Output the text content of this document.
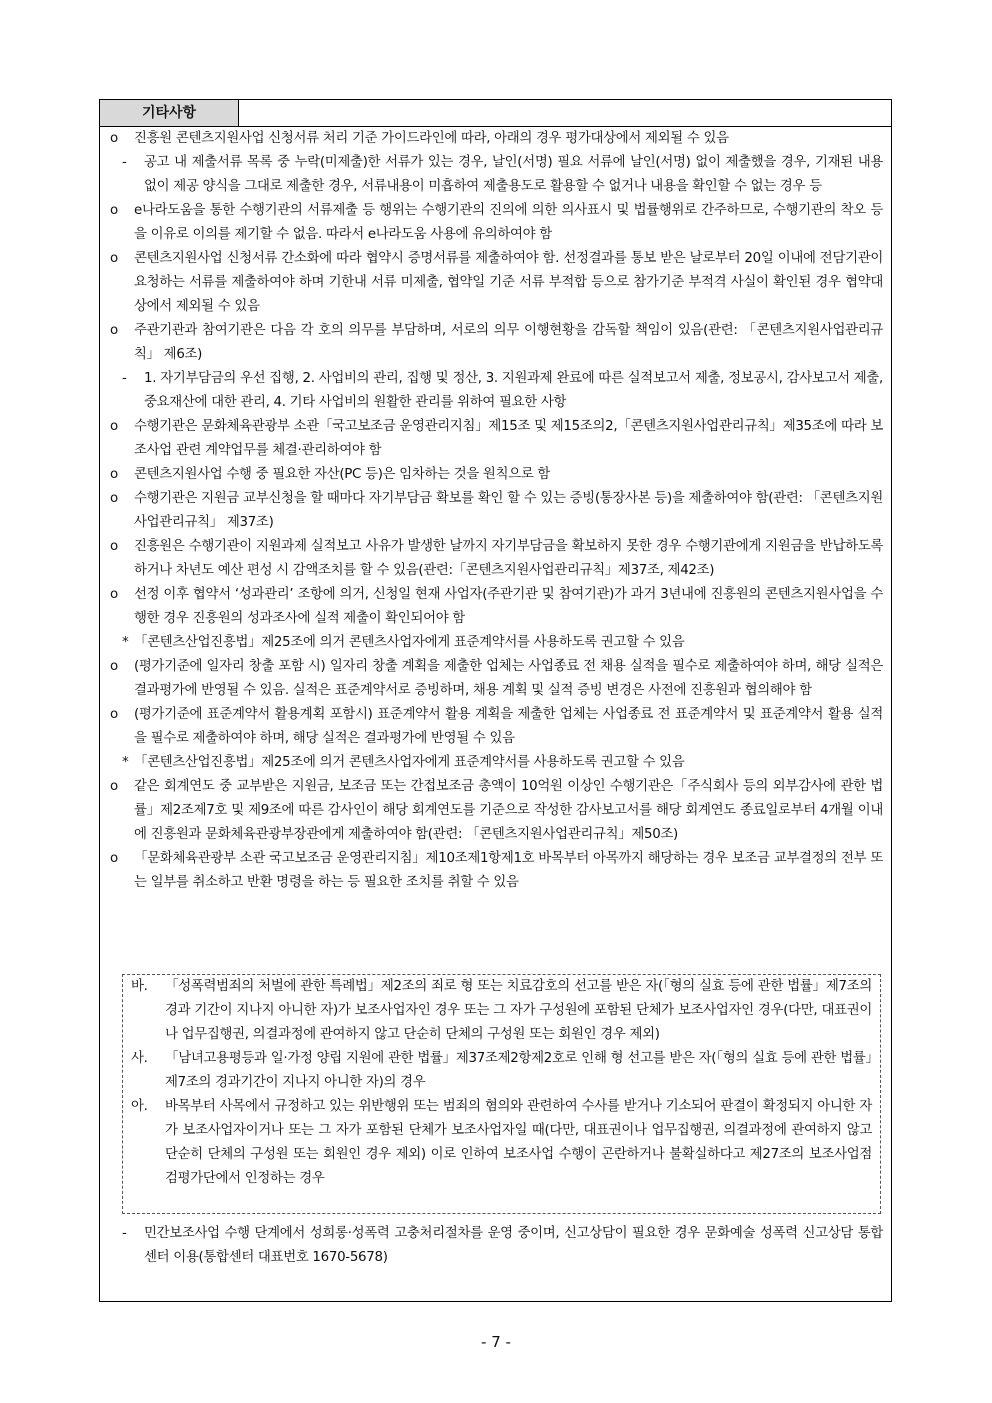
기타사항
o 진흥원 콘텐츠지원사업 신청서류 처리 기준 가이드라인에 따라, 아래의 경우 평가대상에서 제외될 수 있음
- 공고 내 제출서류 목록 중 누락(미제출)한 서류가 있는 경우, 날인(서명) 필요 서류에 날인(서명) 없이 제출했을 경우, 기재된 내용 없이 제공 양식을 그대로 제출한 경우, 서류내용이 미흡하여 제출용도로 활용할 수 없거나 내용을 확인할 수 없는 경우 등
o e나라도움을 통한 수행기관의 서류제출 등 행위는 수행기관의 진의에 의한 의사표시 및 법률행위로 간주하므로, 수행기관의 착오 등을 이유로 이의를 제기할 수 없음. 따라서 e나라도움 사용에 유의하여야 함
o 콘텐츠지원사업 신청서류 간소화에 따라 협약시 증명서류를 제출하여야 함. 선정결과를 통보 받은 날로부터 20일 이내에 전담기관이 요청하는 서류를 제출하여야 하며 기한내 서류 미제출, 협약일 기준 서류 부적합 등으로 참가기준 부적격 사실이 확인된 경우 협약대상에서 제외될 수 있음
o 주관기관과 참여기관은 다음 각 호의 의무를 부담하며, 서로의 의무 이행현황을 감독할 책임이 있음(관련: 「콘텐츠지원사업관리규칙」 제6조)
- 1. 자기부담금의 우선 집행, 2. 사업비의 관리, 집행 및 정산, 3. 지원과제 완료에 따른 실적보고서 제출, 정보공시, 감사보고서 제출, 중요재산에 대한 관리, 4. 기타 사업비의 원활한 관리를 위하여 필요한 사항
o 수행기관은 문화체육관광부 소관「국고보조금 운영관리지침」제15조 및 제15조의2,「콘텐츠지원사업관리규칙」제35조에 따라 보조사업 관련 계약업무를 체결·관리하여야 함
o 콘텐츠지원사업 수행 중 필요한 자산(PC 등)은 임차하는 것을 원칙으로 함
o 수행기관은 지원금 교부신청을 할 때마다 자기부담금 확보를 확인 할 수 있는 증빙(통장사본 등)을 제출하여야 함(관련: 「콘텐츠지원사업관리규칙」 제37조)
o 진흥원은 수행기관이 지원과제 실적보고 사유가 발생한 날까지 자기부담금을 확보하지 못한 경우 수행기관에게 지원금을 반납하도록 하거나 차년도 예산 편성 시 감액조치를 할 수 있음(관련:「콘텐츠지원사업관리규칙」제37조, 제42조)
o 선정 이후 협약서 ‘성과관리’ 조항에 의거, 신청일 현재 사업자(주관기관 및 참여기관)가 과거 3년내에 진흥원의 콘텐츠지원사업을 수행한 경우 진흥원의 성과조사에 실적 제출이 확인되어야 함
* 「콘텐츠산업진흥법」제25조에 의거 콘텐츠사업자에게 표준계약서를 사용하도록 권고할 수 있음
o (평가기준에 일자리 창출 포함 시) 일자리 창출 계획을 제출한 업체는 사업종료 전 채용 실적을 필수로 제출하여야 하며, 해당 실적은 결과평가에 반영될 수 있음. 실적은 표준계약서로 증빙하며, 채용 계획 및 실적 증빙 변경은 사전에 진흥원과 협의해야 함
o (평가기준에 표준계약서 활용계획 포함시) 표준계약서 활용 계획을 제출한 업체는 사업종료 전 표준계약서 및 표준계약서 활용 실적을 필수로 제출하여야 하며, 해당 실적은 결과평가에 반영될 수 있음
* 「콘텐츠산업진흥법」제25조에 의거 콘텐츠사업자에게 표준계약서를 사용하도록 권고할 수 있음
o 같은 회계연도 중 교부받은 지원금, 보조금 또는 간접보조금 총액이 10억원 이상인 수행기관은「주식회사 등의 외부감사에 관한 법률」제2조제7호 및 제9조에 따른 감사인이 해당 회계연도를 기준으로 작성한 감사보고서를 해당 회계연도 종료일로부터 4개월 이내에 진흥원과 문화체육관광부장관에게 제출하여야 함(관련: 「콘텐츠지원사업관리규칙」제50조)
o 「문화체육관광부 소관 국고보조금 운영관리지침」제10조제1항제1호 바목부터 아목까지 해당하는 경우 보조금 교부결정의 전부 또는 일부를 취소하고 반환 명령을 하는 등 필요한 조치를 취할 수 있음
바. 「성폭력범죄의 처벌에 관한 특례법」제2조의 죄로 형 또는 치료감호의 선고를 받은 자(「형의 실효 등에 관한 법률」제7조의 경과 기간이 지나지 아니한 자)가 보조사업자인 경우 또는 그 자가 구성원에 포함된 단체가 보조사업자인 경우(다만, 대표권이나 업무집행권, 의결과정에 관여하지 않고 단순히 단체의 구성원 또는 회원인 경우 제외)
사. 「남녀고용평등과 일·가정 양립 지원에 관한 법률」제37조제2항제2호로 인해 형 선고를 받은 자(「형의 실효 등에 관한 법률」제7조의 경과기간이 지나지 아니한 자)의 경우
아. 바목부터 사목에서 규정하고 있는 위반행위 또는 범죄의 혐의와 관련하여 수사를 받거나 기소되어 판결이 확정되지 아니한 자가 보조사업자이거나 또는 그 자가 포함된 단체가 보조사업자일 때(다만, 대표권이나 업무집행권, 의결과정에 관여하지 않고 단순히 단체의 구성원 또는 회원인 경우 제외) 이로 인하여 보조사업 수행이 곤란하거나 불확실하다고 제27조의 보조사업점검평가단에서 인정하는 경우
- 민간보조사업 수행 단계에서 성희롱·성폭력 고충처리절차를 운영 중이며, 신고상담이 필요한 경우 문화예술 성폭력 신고상담 통합센터 이용(통합센터 대표번호 1670-5678)
- 7 -
